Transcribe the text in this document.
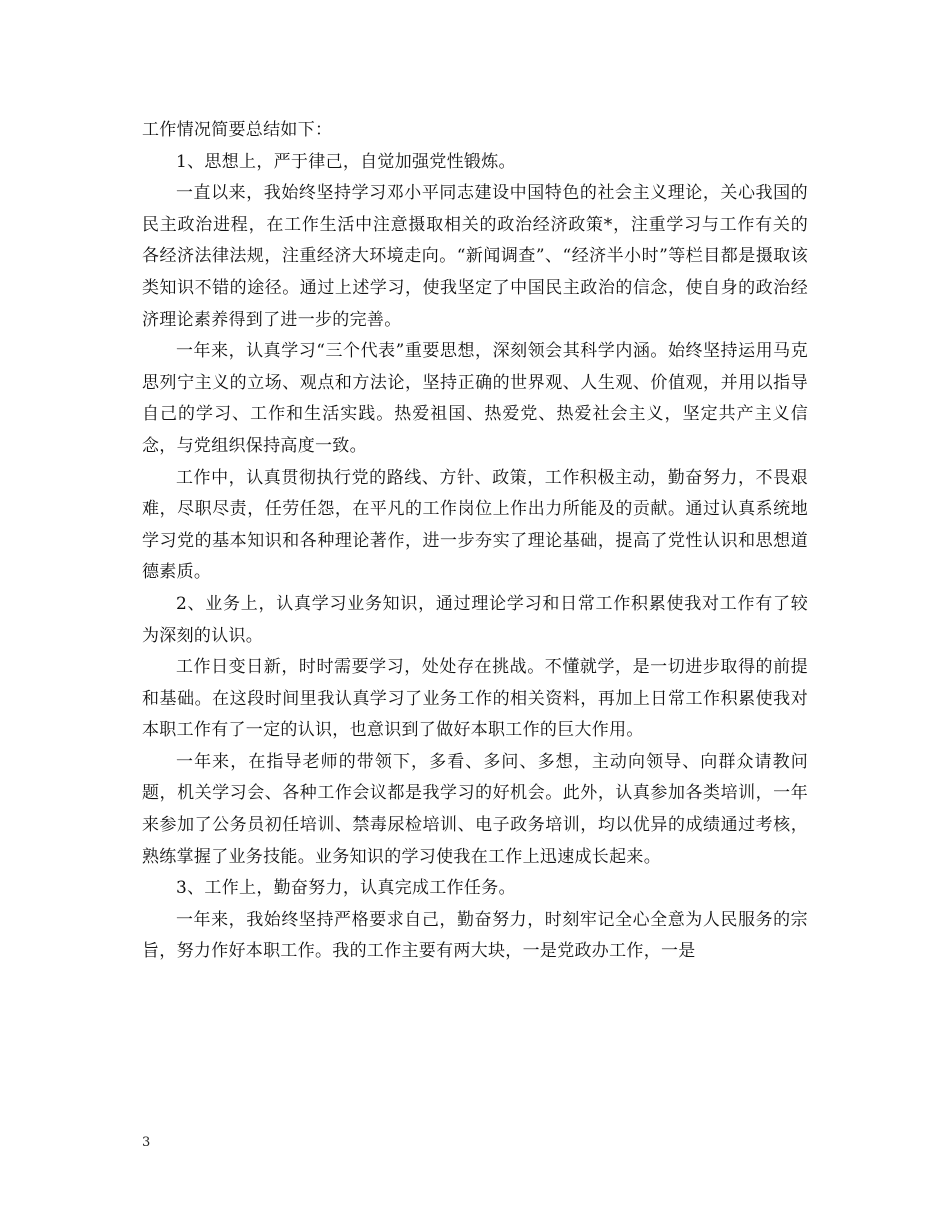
工作情况简要总结如下：

1、思想上，严于律己，自觉加强党性锻炼。

一直以来，我始终坚持学习邓小平同志建设中国特色的社会主义理论，关心我国的民主政治进程，在工作生活中注意摄取相关的政治经济政策*，注重学习与工作有关的各经济法律法规，注重经济大环境走向。“新闻调查”、“经济半小时”等栏目都是摄取该类知识不错的途径。通过上述学习，使我坚定了中国民主政治的信念，使自身的政治经济理论素养得到了进一步的完善。

一年来，认真学习“三个代表”重要思想，深刻领会其科学内涵。始终坚持运用马克思列宁主义的立场、观点和方法论，坚持正确的世界观、人生观、价值观，并用以指导自己的学习、工作和生活实践。热爱祖国、热爱党、热爱社会主义，坚定共产主义信念，与党组织保持高度一致。

工作中，认真贯彻执行党的路线、方针、政策，工作积极主动，勤奋努力，不畏艰难，尽职尽责，任劳任怨，在平凡的工作岗位上作出力所能及的贡献。通过认真系统地学习党的基本知识和各种理论著作，进一步夯实了理论基础，提高了党性认识和思想道德素质。

2、业务上，认真学习业务知识，通过理论学习和日常工作积累使我对工作有了较为深刻的认识。

工作日变日新，时时需要学习，处处存在挑战。不懂就学，是一切进步取得的前提和基础。在这段时间里我认真学习了业务工作的相关资料，再加上日常工作积累使我对本职工作有了一定的认识，也意识到了做好本职工作的巨大作用。

一年来，在指导老师的带领下，多看、多问、多想，主动向领导、向群众请教问题，机关学习会、各种工作会议都是我学习的好机会。此外，认真参加各类培训，一年来参加了公务员初任培训、禁毒尿检培训、电子政务培训，均以优异的成绩通过考核，熟练掌握了业务技能。业务知识的学习使我在工作上迅速成长起来。

3、工作上，勤奋努力，认真完成工作任务。

一年来，我始终坚持严格要求自己，勤奋努力，时刻牢记全心全意为人民服务的宗旨，努力作好本职工作。我的工作主要有两大块，一是党政办工作，一是

3
